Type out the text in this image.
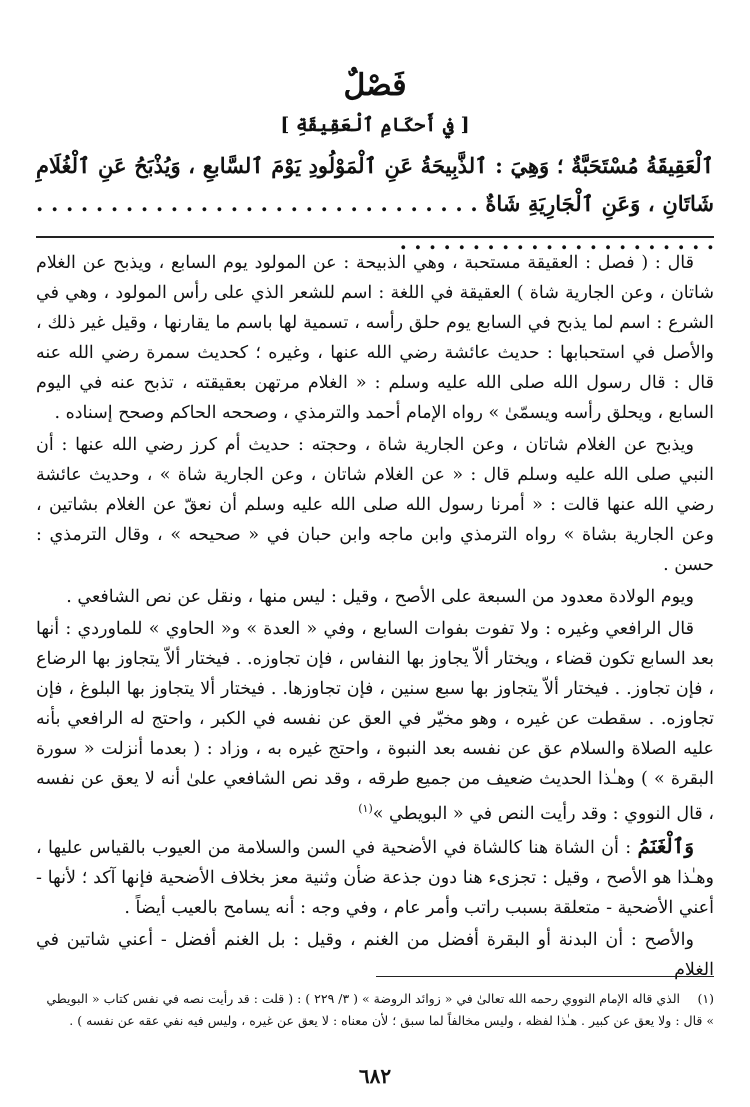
فَصْلٌ
[ في أَحكَامِ ٱلْعَقِيقَةِ ]
ٱلْعَقِيقَةُ مُسْتَحَبَّةٌ ؛ وَهِيَ : ٱلذَّبِيحَةُ عَنِ ٱلْمَوْلُودِ يَوْمَ ٱلسَّابعِ ، وَيُذْبَحُ عَنِ ٱلْغُلَامِ شَاتَانِ ، وَعَنِ ٱلْجَارِيَةِ شَاةٌ . . . . . . . . . . . . . . . . . . . . . . . . . . . . . . . . . . . . . . . . . . . . . . . . . . . .

قال : ( فصل : العقيقة مستحبة ، وهي الذبيحة : عن المولود يوم السابع ، ويذبح عن الغلام شاتان ، وعن الجارية شاة ) العقيقة في اللغة : اسم للشعر الذي على رأس المولود ، وهي في الشرع : اسم لما يذبح في السابع يوم حلق رأسه ، تسمية لها باسم ما يقارنها ، وقيل غير ذلك ، والأصل في استحبابها : حديث عائشة رضي الله عنها ، وغيره ؛ كحديث سمرة رضي الله عنه قال : قال رسول الله صلى الله عليه وسلم : « الغلام مرتهن بعقيقته ، تذبح عنه في اليوم السابع ، ويحلق رأسه ويسمّىٰ » رواه الإمام أحمد والترمذي ، وصححه الحاكم وصحح إسناده .

ويذبح عن الغلام شاتان ، وعن الجارية شاة ، وحجته : حديث أم كرز رضي الله عنها : أن النبي صلى الله عليه وسلم قال : « عن الغلام شاتان ، وعن الجارية شاة » ، وحديث عائشة رضي الله عنها قالت : « أمرنا رسول الله صلى الله عليه وسلم أن نعقّ عن الغلام بشاتين ، وعن الجارية بشاة » رواه الترمذي وابن ماجه وابن حبان في « صحيحه » ، وقال الترمذي : حسن .

ويوم الولادة معدود من السبعة على الأصح ، وقيل : ليس منها ، ونقل عن نص الشافعي .

قال الرافعي وغيره : ولا تفوت بفوات السابع ، وفي « العدة » و« الحاوي » للماوردي : أنها بعد السابع تكون قضاء ، ويختار ألاّ يجاوز بها النفاس ، فإن تجاوزه. . فيختار ألاّ يتجاوز بها الرضاع ، فإن تجاوز. . فيختار ألاّ يتجاوز بها سبع سنين ، فإن تجاوزها. . فيختار ألا يتجاوز بها البلوغ ، فإن تجاوزه. . سقطت عن غيره ، وهو مخيّر في العق عن نفسه في الكبر ، واحتج له الرافعي بأنه عليه الصلاة والسلام عق عن نفسه بعد النبوة ، واحتج غيره به ، وزاد : ( بعدما أنزلت « سورة البقرة » ) وهـٰذا الحديث ضعيف من جميع طرقه ، وقد نص الشافعي علىٰ أنه لا يعق عن نفسه ، قال النووي : وقد رأيت النص في « البويطي »$^{(١)}$

وَٱلْغَنَمُ : أن الشاة هنا كالشاة في الأضحية في السن والسلامة من العيوب بالقياس عليها ، وهـٰذا هو الأصح ، وقيل : تجزىء هنا دون جذعة ضأن وثنية معز بخلاف الأضحية فإنها آكد ؛ لأنها - أعني الأضحية - متعلقة بسبب راتب وأمر عام ، وفي وجه : أنه يسامح بالعيب أيضاً .

والأصح : أن البدنة أو البقرة أفضل من الغنم ، وقيل : بل الغنم أفضل - أعني شاتين في الغلام

(١)الذي قاله الإمام النووي رحمه الله تعالىٰ في « زوائد الروضة » ( ٣/ ٢٢٩ ) : ( قلت : قد رأيت نصه في نفس كتاب « البويطي » قال : ولا يعق عن كبير . هـٰذا لفظه ، وليس مخالفاً لما سبق ؛ لأن معناه : لا يعق عن غيره ، وليس فيه نفي عقه عن نفسه ) .
٦٨٢
